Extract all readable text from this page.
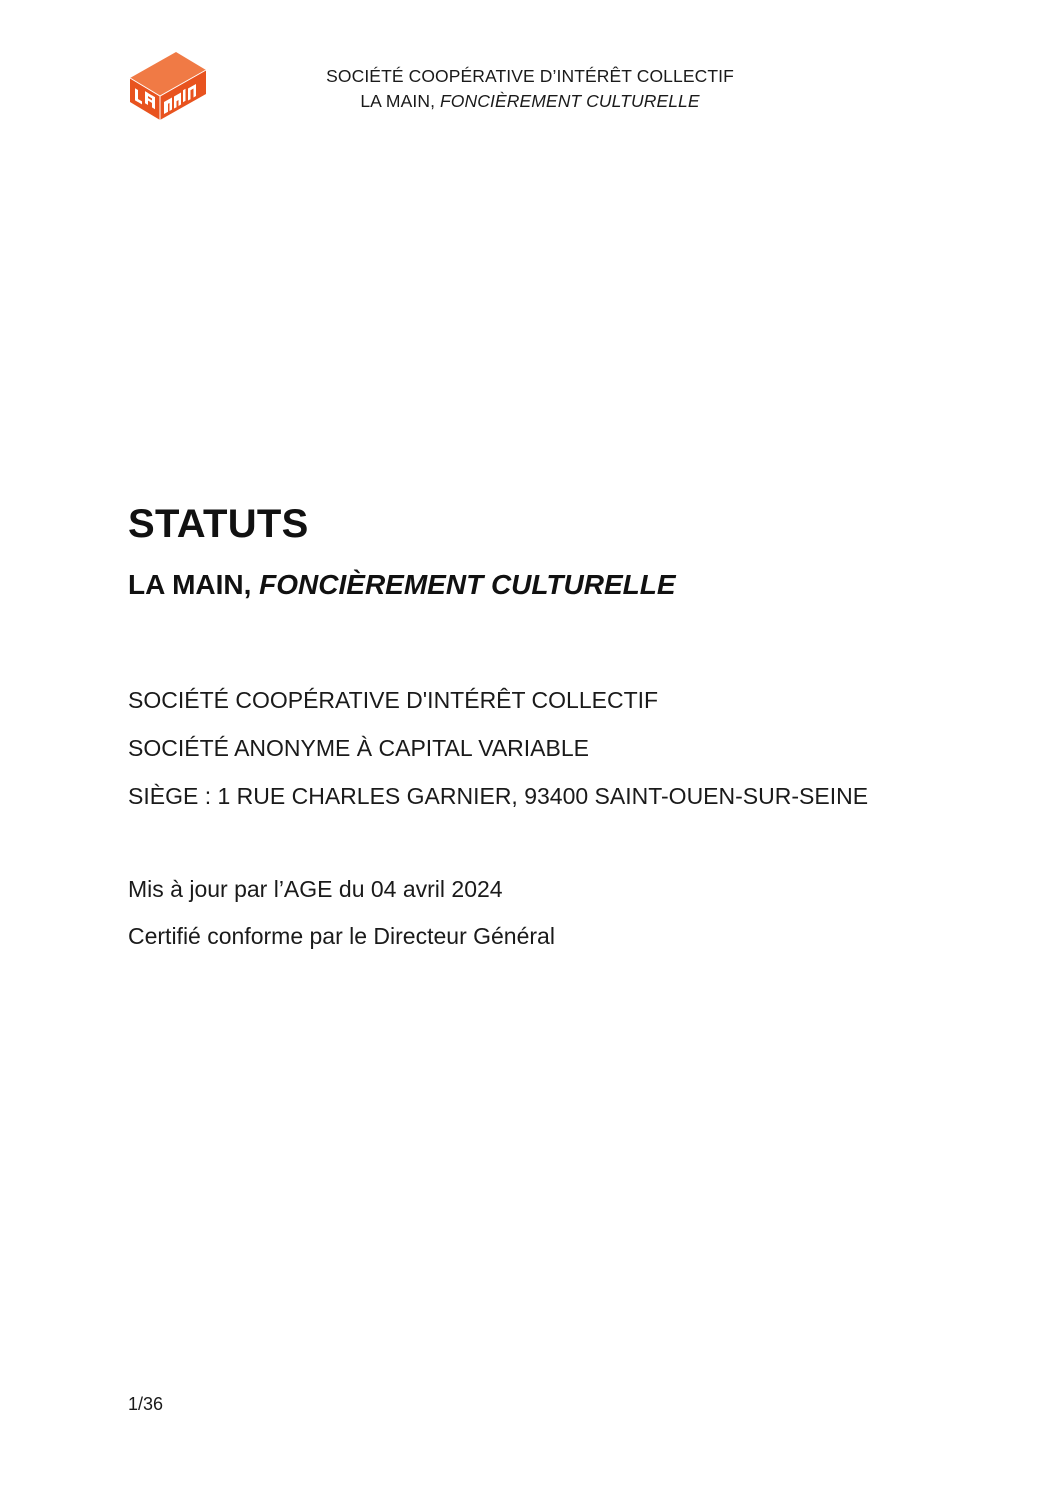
SOCIÉTÉ COOPÉRATIVE D’INTÉRÊT COLLECTIF
LA MAIN, FONCIÈREMENT CULTURELLE
STATUTS
LA MAIN, FONCIÈREMENT CULTURELLE
SOCIÉTÉ COOPÉRATIVE D'INTÉRÊT COLLECTIF
SOCIÉTÉ ANONYME À CAPITAL VARIABLE
SIÈGE : 1 RUE CHARLES GARNIER, 93400 SAINT-OUEN-SUR-SEINE
Mis à jour par l’AGE du 04 avril 2024
Certifié conforme par le Directeur Général
1/36
